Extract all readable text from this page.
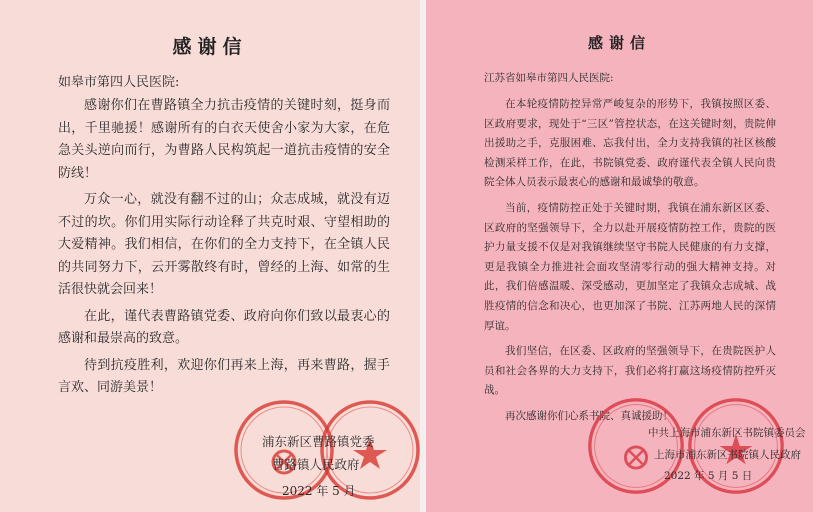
感谢信
如皋市第四人民医院:

感谢你们在曹路镇全力抗击疫情的关键时刻，挺身而出，千里驰援！感谢所有的白衣天使舍小家为大家，在危急关头逆向而行，为曹路人民构筑起一道抗击疫情的安全防线！

万众一心，就没有翻不过的山；众志成城，就没有迈不过的坎。你们用实际行动诠释了共克时艰、守望相助的大爱精神。我们相信，在你们的全力支持下，在全镇人民的共同努力下，云开雾散终有时，曾经的上海、如常的生活很快就会回来！

在此，谨代表曹路镇党委、政府向你们致以最衷心的感谢和最崇高的致意。

待到抗疫胜利，欢迎你们再来上海，再来曹路，握手言欢、同游美景！

浦东新区曹路镇党委
曹路镇人民政府
2022 年 5 月
感谢信
江苏省如皋市第四人民医院:

在本轮疫情防控异常严峻复杂的形势下，我镇按照区委、区政府要求，现处于“三区”管控状态，在这关键时刻，贵院伸出援助之手，克服困难、忘我付出，全力支持我镇的社区核酸检测采样工作，在此，书院镇党委、政府谨代表全镇人民向贵院全体人员表示最衷心的感谢和最诚挚的敬意。

当前，疫情防控正处于关键时期，我镇在浦东新区区委、区政府的坚强领导下，全力以赴开展疫情防控工作，贵院的医护力量支援不仅是对我镇继续坚守书院人民健康的有力支撑，更是我镇全力推进社会面攻坚清零行动的强大精神支持。对此，我们倍感温暖、深受感动，更加坚定了我镇众志成城、战胜疫情的信念和决心，也更加深了书院、江苏两地人民的深情厚谊。

我们坚信，在区委、区政府的坚强领导下，在贵院医护人员和社会各界的大力支持下，我们必将打赢这场疫情防控歼灭战。

再次感谢你们心系书院、真诚援助！

中共上海市浦东新区书院镇委员会
上海市浦东新区书院镇人民政府
2022 年 5 月 5 日
